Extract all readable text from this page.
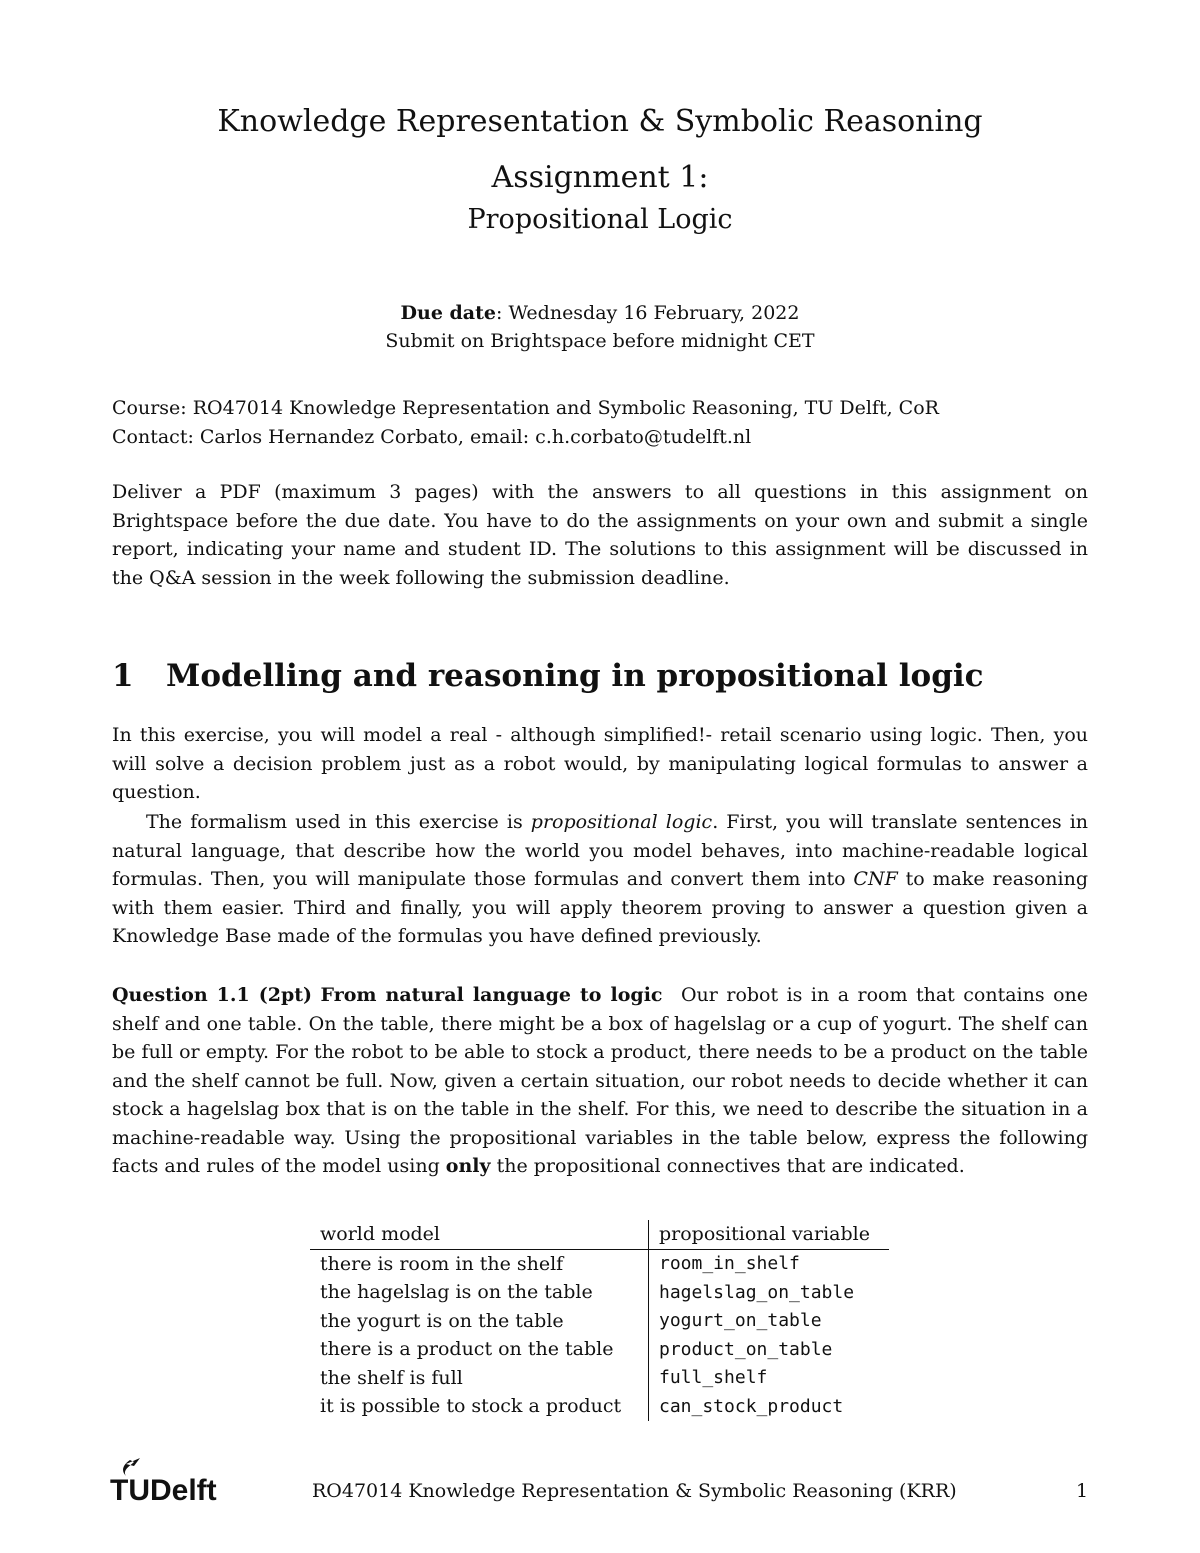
Knowledge Representation & Symbolic Reasoning
Assignment 1:
Propositional Logic
Due date: Wednesday 16 February, 2022
Submit on Brightspace before midnight CET
Course: RO47014 Knowledge Representation and Symbolic Reasoning, TU Delft, CoR
Contact: Carlos Hernandez Corbato, email: c.h.corbato@tudelft.nl
Deliver a PDF (maximum 3 pages) with the answers to all questions in this assignment on Brightspace before the due date. You have to do the assignments on your own and submit a single report, indicating your name and student ID. The solutions to this assignment will be discussed in the Q&A session in the week following the submission deadline.
1 Modelling and reasoning in propositional logic
In this exercise, you will model a real - although simplified!- retail scenario using logic. Then, you will solve a decision problem just as a robot would, by manipulating logical formulas to answer a question.
The formalism used in this exercise is propositional logic. First, you will translate sentences in natural language, that describe how the world you model behaves, into machine-readable logical formulas. Then, you will manipulate those formulas and convert them into CNF to make reasoning with them easier. Third and finally, you will apply theorem proving to answer a question given a Knowledge Base made of the formulas you have defined previously.
Question 1.1 (2pt) From natural language to logic Our robot is in a room that contains one shelf and one table. On the table, there might be a box of hagelslag or a cup of yogurt. The shelf can be full or empty. For the robot to be able to stock a product, there needs to be a product on the table and the shelf cannot be full. Now, given a certain situation, our robot needs to decide whether it can stock a hagelslag box that is on the table in the shelf. For this, we need to describe the situation in a machine-readable way. Using the propositional variables in the table below, express the following facts and rules of the model using only the propositional connectives that are indicated.
world model	propositional variable
there is room in the shelf	room_in_shelf
the hagelslag is on the table	hagelslag_on_table
the yogurt is on the table	yogurt_on_table
there is a product on the table	product_on_table
the shelf is full	full_shelf
it is possible to stock a product	can_stock_product
TUDelft	RO47014 Knowledge Representation & Symbolic Reasoning (KRR)	1
